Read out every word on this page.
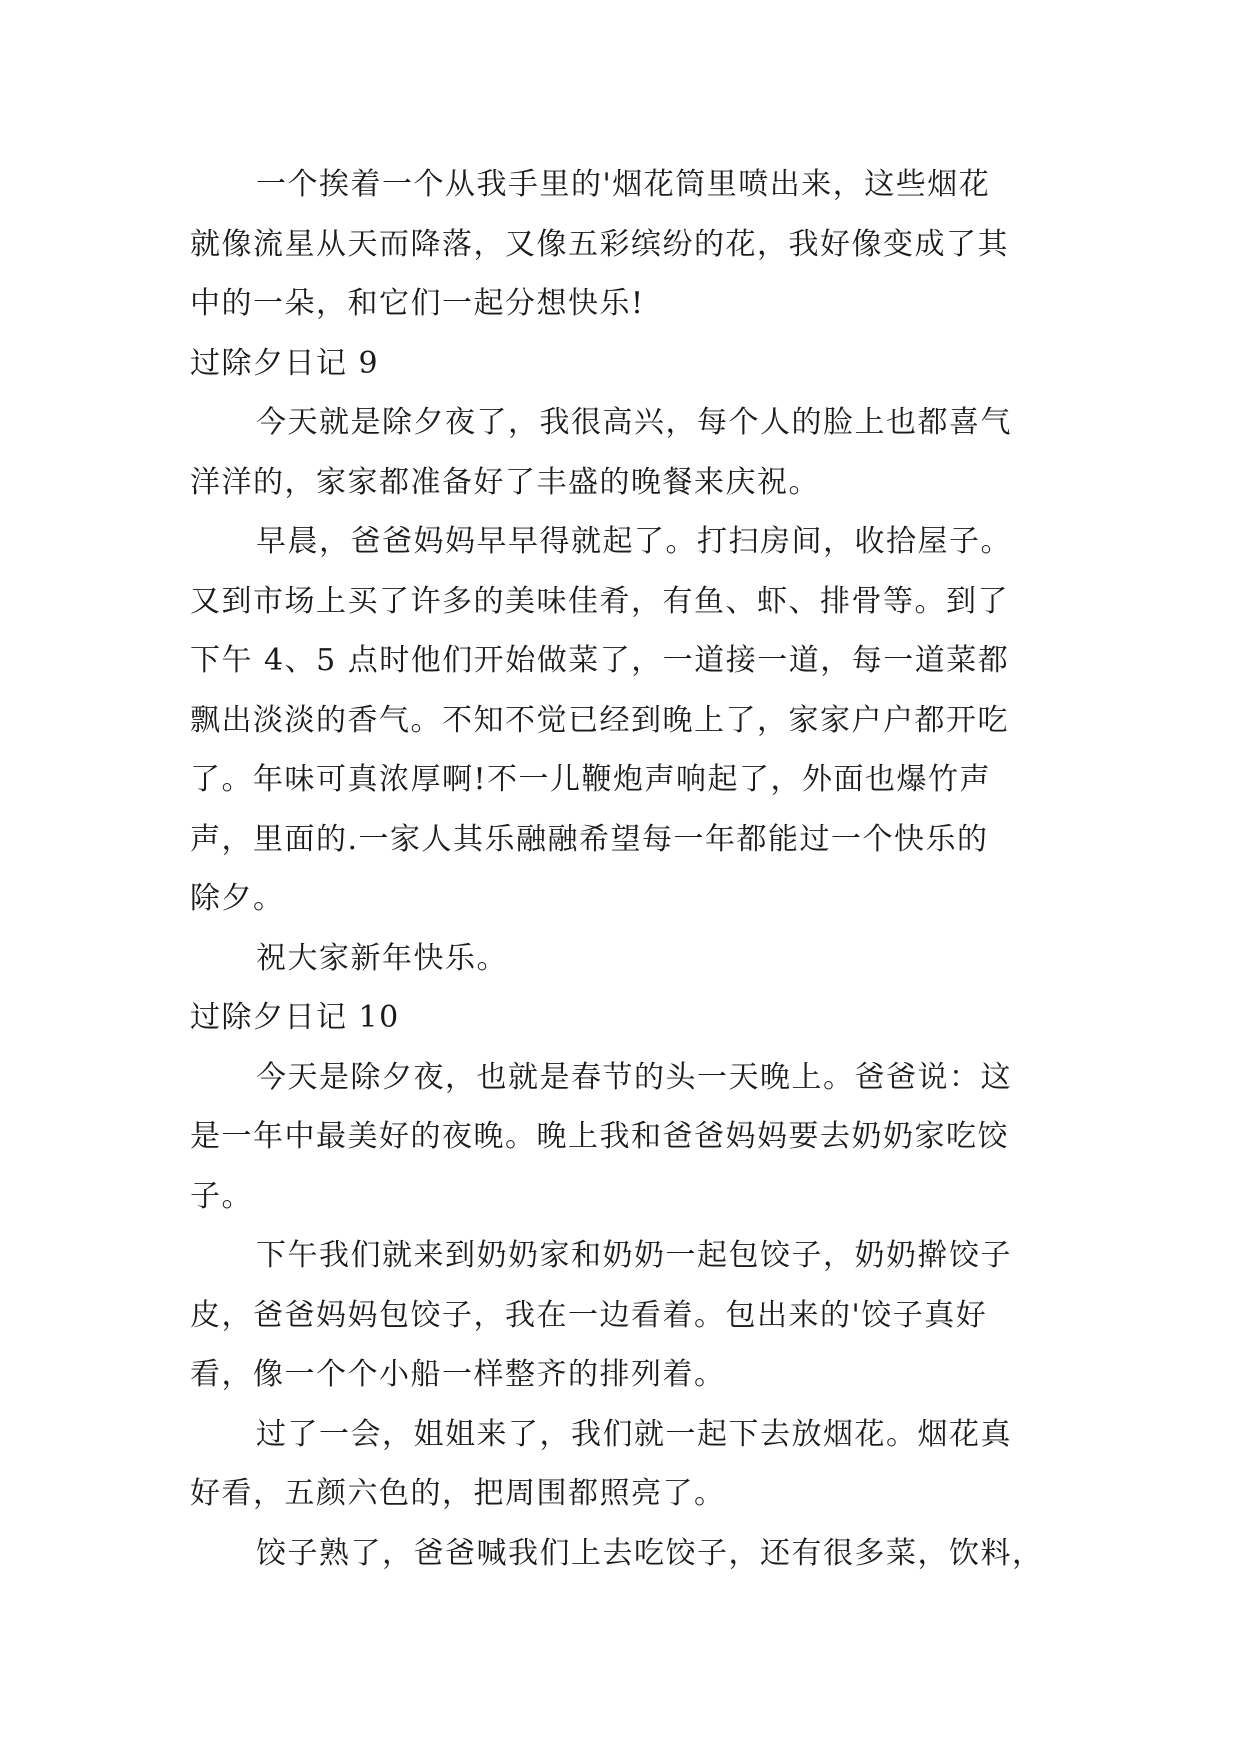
一个挨着一个从我手里的'烟花筒里喷出来，这些烟花
就像流星从天而降落，又像五彩缤纷的花，我好像变成了其
中的一朵，和它们一起分想快乐!

过除夕日记 9

今天就是除夕夜了，我很高兴，每个人的脸上也都喜气
洋洋的，家家都准备好了丰盛的晚餐来庆祝。

早晨，爸爸妈妈早早得就起了。打扫房间，收拾屋子。
又到市场上买了许多的美味佳肴，有鱼、虾、排骨等。到了
下午 4、5 点时他们开始做菜了，一道接一道，每一道菜都
飘出淡淡的香气。不知不觉已经到晚上了，家家户户都开吃
了。年味可真浓厚啊!不一儿鞭炮声响起了，外面也爆竹声
声，里面的.一家人其乐融融希望每一年都能过一个快乐的
除夕。

祝大家新年快乐。

过除夕日记 10

今天是除夕夜，也就是春节的头一天晚上。爸爸说：这
是一年中最美好的夜晚。晚上我和爸爸妈妈要去奶奶家吃饺
子。

下午我们就来到奶奶家和奶奶一起包饺子，奶奶擀饺子
皮，爸爸妈妈包饺子，我在一边看着。包出来的'饺子真好
看，像一个个小船一样整齐的排列着。

过了一会，姐姐来了，我们就一起下去放烟花。烟花真
好看，五颜六色的，把周围都照亮了。

饺子熟了，爸爸喊我们上去吃饺子，还有很多菜，饮料，
